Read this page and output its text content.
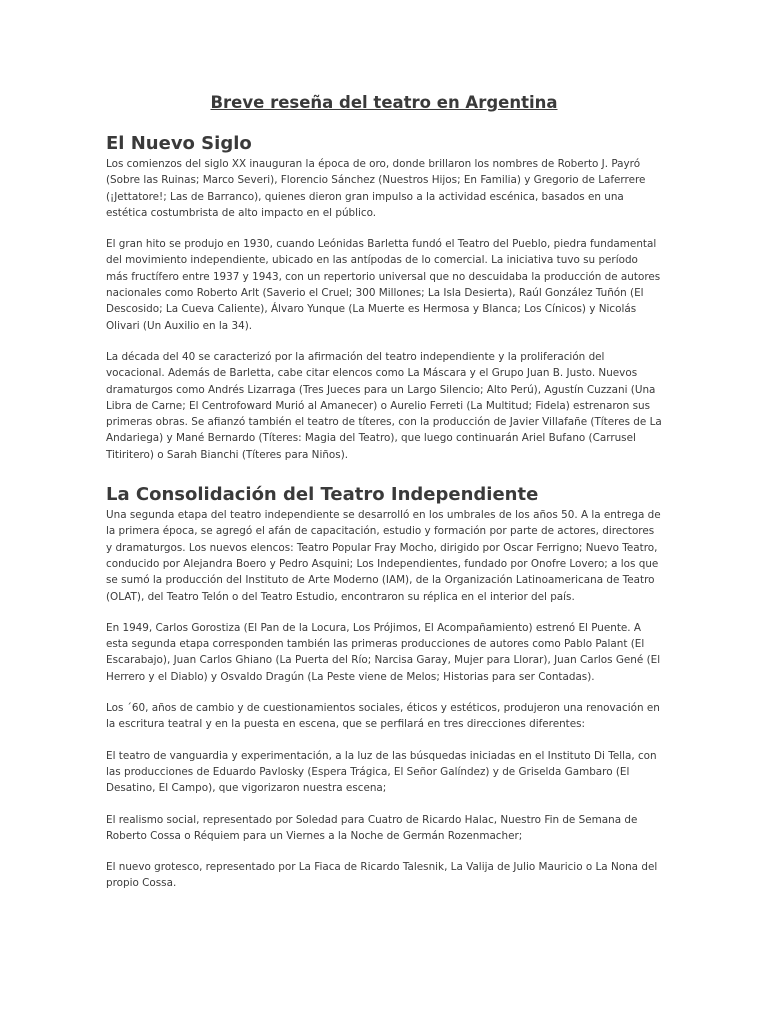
Breve reseña del teatro en Argentina
El Nuevo Siglo

Los comienzos del siglo XX inauguran la época de oro, donde brillaron los nombres de Roberto J. Payró (Sobre las Ruinas; Marco Severi), Florencio Sánchez (Nuestros Hijos; En Familia) y Gregorio de Laferrere (¡Jettatore!; Las de Barranco), quienes dieron gran impulso a la actividad escénica, basados en una estética costumbrista de alto impacto en el público.

El gran hito se produjo en 1930, cuando Leónidas Barletta fundó el Teatro del Pueblo, piedra fundamental del movimiento independiente, ubicado en las antípodas de lo comercial. La iniciativa tuvo su período más fructífero entre 1937 y 1943, con un repertorio universal que no descuidaba la producción de autores nacionales como Roberto Arlt (Saverio el Cruel; 300 Millones; La Isla Desierta), Raúl González Tuñón (El Descosido; La Cueva Caliente), Álvaro Yunque (La Muerte es Hermosa y Blanca; Los Cínicos) y Nicolás Olivari (Un Auxilio en la 34).

La década del 40 se caracterizó por la afirmación del teatro independiente y la proliferación del vocacional. Además de Barletta, cabe citar elencos como La Máscara y el Grupo Juan B. Justo. Nuevos dramaturgos como Andrés Lizarraga (Tres Jueces para un Largo Silencio; Alto Perú), Agustín Cuzzani (Una Libra de Carne; El Centrofoward Murió al Amanecer) o Aurelio Ferreti (La Multitud; Fidela) estrenaron sus primeras obras. Se afianzó también el teatro de títeres, con la producción de Javier Villafañe (Títeres de La Andariega) y Mané Bernardo (Títeres: Magia del Teatro), que luego continuarán Ariel Bufano (Carrusel Titiritero) o Sarah Bianchi (Títeres para Niños).

La Consolidación del Teatro Independiente

Una segunda etapa del teatro independiente se desarrolló en los umbrales de los años 50. A la entrega de la primera época, se agregó el afán de capacitación, estudio y formación por parte de actores, directores y dramaturgos. Los nuevos elencos: Teatro Popular Fray Mocho, dirigido por Oscar Ferrigno; Nuevo Teatro, conducido por Alejandra Boero y Pedro Asquini; Los Independientes, fundado por Onofre Lovero; a los que se sumó la producción del Instituto de Arte Moderno (IAM), de la Organización Latinoamericana de Teatro (OLAT), del Teatro Telón o del Teatro Estudio, encontraron su réplica en el interior del país.

En 1949, Carlos Gorostiza (El Pan de la Locura, Los Prójimos, El Acompañamiento) estrenó El Puente. A esta segunda etapa corresponden también las primeras producciones de autores como Pablo Palant (El Escarabajo), Juan Carlos Ghiano (La Puerta del Río; Narcisa Garay, Mujer para Llorar), Juan Carlos Gené (El Herrero y el Diablo) y Osvaldo Dragún (La Peste viene de Melos; Historias para ser Contadas).

Los ´60, años de cambio y de cuestionamientos sociales, éticos y estéticos, produjeron una renovación en la escritura teatral y en la puesta en escena, que se perfilará en tres direcciones diferentes:

El teatro de vanguardia y experimentación, a la luz de las búsquedas iniciadas en el Instituto Di Tella, con las producciones de Eduardo Pavlosky (Espera Trágica, El Señor Galíndez) y de Griselda Gambaro (El Desatino, El Campo), que vigorizaron nuestra escena;

El realismo social, representado por Soledad para Cuatro de Ricardo Halac, Nuestro Fin de Semana de Roberto Cossa o Réquiem para un Viernes a la Noche de Germán Rozenmacher;

El nuevo grotesco, representado por La Fiaca de Ricardo Talesnik, La Valija de Julio Mauricio o La Nona del propio Cossa.
